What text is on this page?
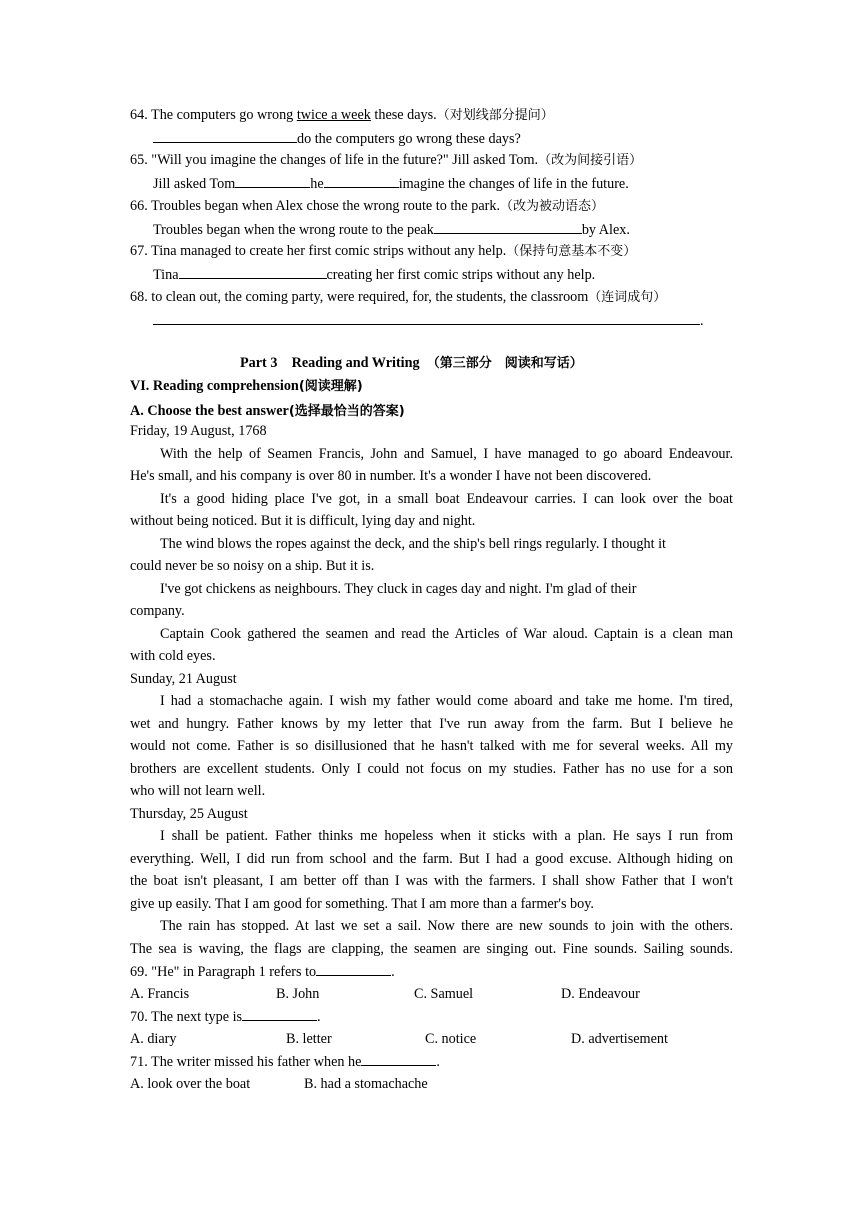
64. The computers go wrong twice a week these days.（对划线部分提问）
do the computers go wrong these days?
65. "Will you imagine the changes of life in the future?" Jill asked Tom.（改为间接引语）
Jill asked Tom	he	imagine the changes of life in the future.
66. Troubles began when Alex chose the wrong route to the park.（改为被动语态）
Troubles began when the wrong route to the peak	by Alex.
67. Tina managed to create her first comic strips without any help.（保持句意基本不变）
Tina	creating her first comic strips without any help.
68. to clean out, the coming party, were required, for, the students, the classroom（连词成句）
.
Part 3 Reading and Writing （第三部分　阅读和写话）
VI. Reading comprehension(阅读理解)
A. Choose the best answer(选择最恰当的答案)
Friday, 19 August, 1768
With the help of Seamen Francis, John and Samuel, I have managed to go aboard Endeavour.
He's small, and his company is over 80 in number. It's a wonder I have not been discovered.
It's a good hiding place I've got, in a small boat Endeavour carries. I can look over the boat
without being noticed. But it is difficult, lying day and night.
The wind blows the ropes against the deck, and the ship's bell rings regularly. I thought it
could never be so noisy on a ship. But it is.
I've got chickens as neighbours. They cluck in cages day and night. I'm glad of their
company.
Captain Cook gathered the seamen and read the Articles of War aloud. Captain is a clean man
with cold eyes.
Sunday, 21 August
I had a stomachache again. I wish my father would come aboard and take me home. I'm tired,
wet and hungry. Father knows by my letter that I've run away from the farm. But I believe he
would not come. Father is so disillusioned that he hasn't talked with me for several weeks. All my
brothers are excellent students. Only I could not focus on my studies. Father has no use for a son
who will not learn well.
Thursday, 25 August
I shall be patient. Father thinks me hopeless when it sticks with a plan. He says I run from
everything. Well, I did run from school and the farm. But I had a good excuse. Although hiding on
the boat isn't pleasant, I am better off than I was with the farmers. I shall show Father that I won't
give up easily. That I am good for something. That I am more than a farmer's boy.
The rain has stopped. At last we set a sail. Now there are new sounds to join with the others.
The sea is waving, the flags are clapping, the seamen are singing out. Fine sounds. Sailing sounds.
69. "He" in Paragraph 1 refers to	.
A. Francis	B. John	C. Samuel	D. Endeavour
70. The next type is	.
A. diary	B. letter	C. notice	D. advertisement
71. The writer missed his father when he	.
A. look over the boat	B. had a stomachache
